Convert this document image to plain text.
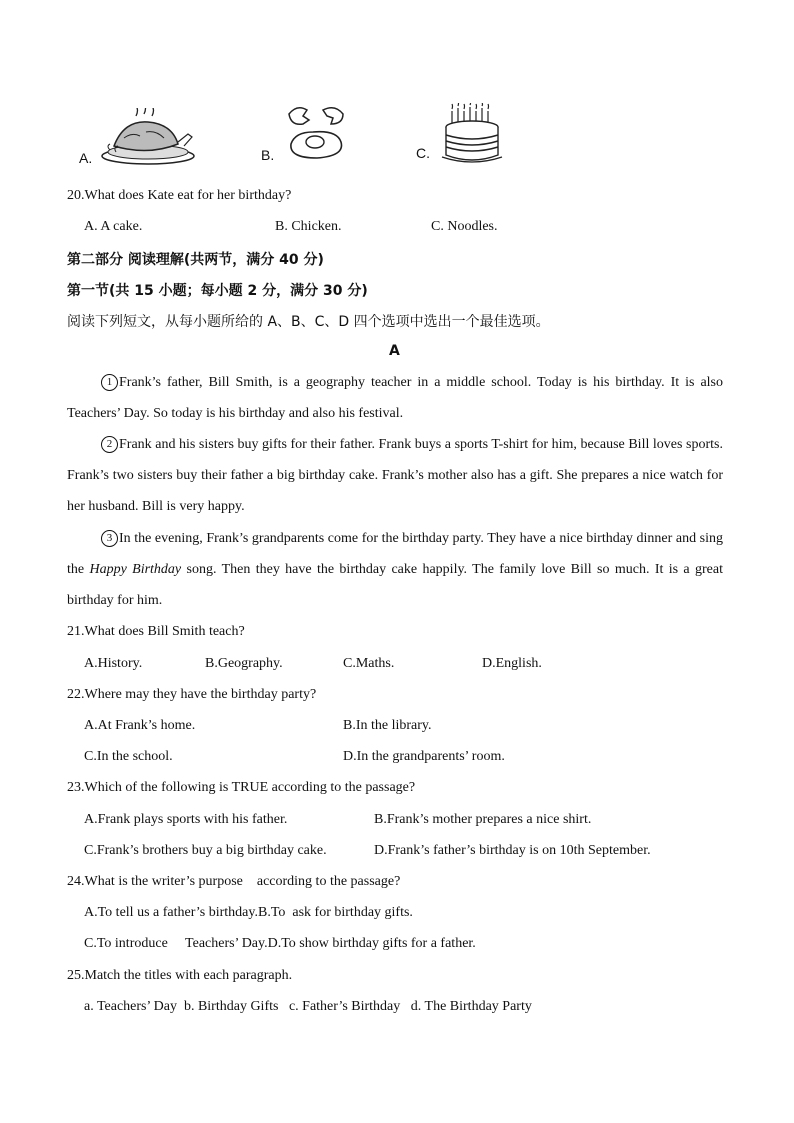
A.	B.	C.
20.What does Kate eat for her birthday?
A. A cake.	B. Chicken.	C. Noodles.
第二部分 阅读理解(共两节，满分 40 分)
第一节(共 15 小题；每小题 2 分，满分 30 分)
阅读下列短文，从每小题所给的 A、B、C、D 四个选项中选出一个最佳选项。
A
1 Frank’s father, Bill Smith, is a geography teacher in a middle school. Today is his birthday. It is also Teachers’ Day. So today is his birthday and also his festival.
2 Frank and his sisters buy gifts for their father. Frank buys a sports T-shirt for him, because Bill loves sports. Frank’s two sisters buy their father a big birthday cake. Frank’s mother also has a gift. She prepares a nice watch for her husband. Bill is very happy.
3 In the evening, Frank’s grandparents come for the birthday party. They have a nice birthday dinner and sing the Happy Birthday song. Then they have the birthday cake happily. The family love Bill so much. It is a great birthday for him.
21.What does Bill Smith teach?
A.History.	B.Geography.	C.Maths.	D.English.
22.Where may they have the birthday party?
A.At Frank’s home.	B.In the library.
C.In the school.	D.In the grandparents’ room.
23.Which of the following is TRUE according to the passage?
A.Frank plays sports with his father.	B.Frank’s mother prepares a nice shirt.
C.Frank’s brothers buy a big birthday cake.	D.Frank’s father’s birthday is on 10th September.
24.What is the writer’s purpose    according to the passage?
A.To tell us a father’s birthday.B.To  ask for birthday gifts.
C.To introduce     Teachers’ Day.D.To show birthday gifts for a father.
25.Match the titles with each paragraph.
a. Teachers’ Day  b. Birthday Gifts   c. Father’s Birthday   d. The Birthday Party
